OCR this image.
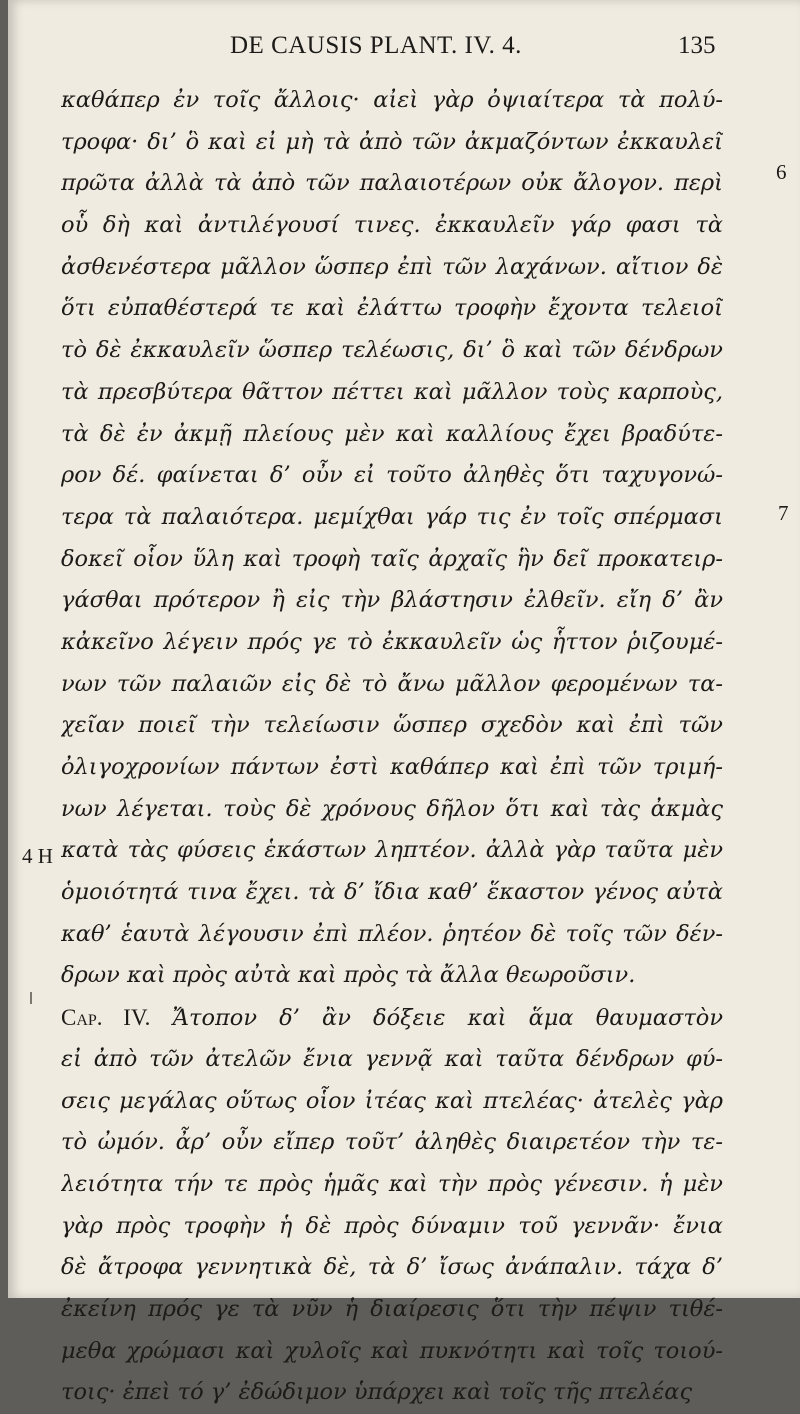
DE CAUSIS PLANT. IV. 4.	135
καθάπερ ἐν τοῖς ἄλλοις· αἰεὶ γὰρ ὀψιαίτερα τὰ πολύ-
τροφα· δι’ ὃ καὶ εἰ μὴ τὰ ἀπὸ τῶν ἀκμαζόντων ἐκκαυλεῖ
πρῶτα ἀλλὰ τὰ ἀπὸ τῶν παλαιοτέρων οὐκ ἄλογον. περὶ
οὗ δὴ καὶ ἀντιλέγουσί τινες. ἐκκαυλεῖν γάρ φασι τὰ
ἀσθενέστερα μᾶλλον ὥσπερ ἐπὶ τῶν λαχάνων. αἴτιον δὲ
ὅτι εὐπαθέστερά τε καὶ ἐλάττω τροφὴν ἔχοντα τελειοῖ
τὸ δὲ ἐκκαυλεῖν ὥσπερ τελέωσις, δι’ ὃ καὶ τῶν δένδρων
τὰ πρεσβύτερα θᾶττον πέττει καὶ μᾶλλον τοὺς καρποὺς,
τὰ δὲ ἐν ἀκμῇ πλείους μὲν καὶ καλλίους ἔχει βραδύτε-
ρον δέ. φαίνεται δ’ οὖν εἰ τοῦτο ἀληθὲς ὅτι ταχυγονώ-
τερα τὰ παλαιότερα. μεμίχθαι γάρ τις ἐν τοῖς σπέρμασι
δοκεῖ οἷον ὕλη καὶ τροφὴ ταῖς ἀρχαῖς ἣν δεῖ προκατειρ-
γάσθαι πρότερον ἢ εἰς τὴν βλάστησιν ἐλθεῖν. εἴη δ’ ἂν
κἀκεῖνο λέγειν πρός γε τὸ ἐκκαυλεῖν ὡς ἧττον ῥιζουμέ-
νων τῶν παλαιῶν εἰς δὲ τὸ ἄνω μᾶλλον φερομένων τα-
χεῖαν ποιεῖ τὴν τελείωσιν ὥσπερ σχεδὸν καὶ ἐπὶ τῶν
ὀλιγοχρονίων πάντων ἐστὶ καθάπερ καὶ ἐπὶ τῶν τριμή-
νων λέγεται. τοὺς δὲ χρόνους δῆλον ὅτι καὶ τὰς ἀκμὰς
κατὰ τὰς φύσεις ἑκάστων ληπτέον. ἀλλὰ γὰρ ταῦτα μὲν
ὁμοιότητά τινα ἔχει. τὰ δ’ ἴδια καθ’ ἕκαστον γένος αὐτὰ
καθ’ ἑαυτὰ λέγουσιν ἐπὶ πλέον. ῥητέον δὲ τοῖς τῶν δέν-
δρων καὶ πρὸς αὐτὰ καὶ πρὸς τὰ ἄλλα θεωροῦσιν.
Cap. IV. Ἄτοπον δ’ ἂν δόξειε καὶ ἅμα θαυμαστὸν
εἰ ἀπὸ τῶν ἀτελῶν ἔνια γεννᾷ καὶ ταῦτα δένδρων φύ-
σεις μεγάλας οὕτως οἷον ἰτέας καὶ πτελέας· ἀτελὲς γὰρ
τὸ ὠμόν. ἆρ’ οὖν εἴπερ τοῦτ’ ἀληθὲς διαιρετέον τὴν τε-
λειότητα τήν τε πρὸς ἡμᾶς καὶ τὴν πρὸς γένεσιν. ἡ μὲν
γὰρ πρὸς τροφὴν ἡ δὲ πρὸς δύναμιν τοῦ γεννᾶν· ἔνια
δὲ ἄτροφα γεννητικὰ δὲ, τὰ δ’ ἴσως ἀνάπαλιν. τάχα δ’
ἐκείνη πρός γε τὰ νῦν ἡ διαίρεσις ὅτι τὴν πέψιν τιθέ-
μεθα χρώμασι καὶ χυλοῖς καὶ πυκνότητι καὶ τοῖς τοιού-
τοις· ἐπεὶ τό γ’ ἐδώδιμον ὑπάρχει καὶ τοῖς τῆς πτελέας
6
7
4 H
